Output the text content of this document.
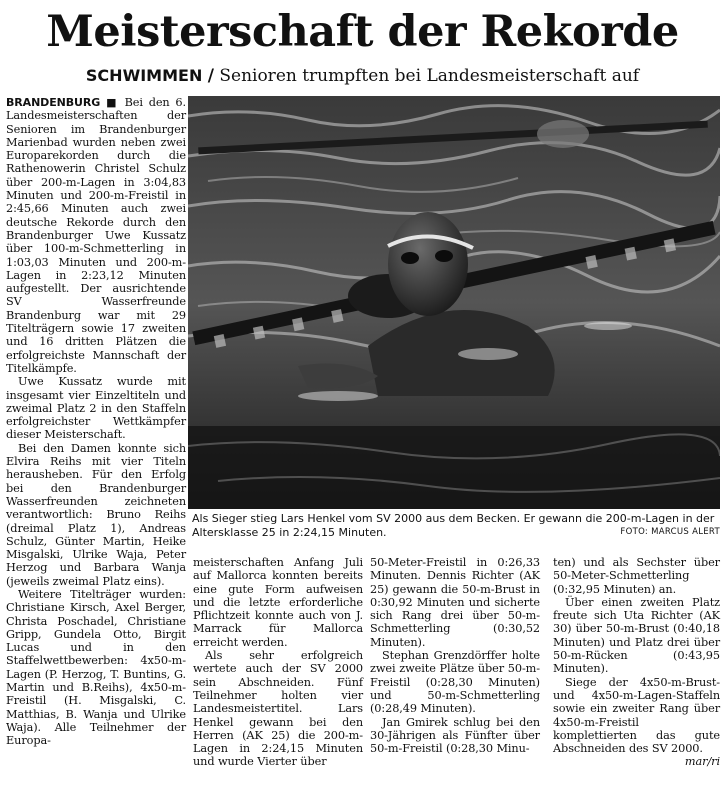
Meisterschaft der Rekorde
SCHWIMMEN / Senioren trumpften bei Landesmeisterschaft auf

BRANDENBURG ■ Bei den 6. Landesmeisterschaften der Senioren im Brandenburger Marienbad wurden neben zwei Europarekorden durch die Rathenowerin Christel Schulz über 200-m-Lagen in 3:04,83 Minuten und 200-m-Freistil in 2:45,66 Minuten auch zwei deutsche Rekorde durch den Brandenburger Uwe Kussatz über 100-m-Schmetterling in 1:03,03 Minuten und 200-m-Lagen in 2:23,12 Minuten aufgestellt. Der ausrichtende SV Wasserfreunde Brandenburg war mit 29 Titelträgern sowie 17 zweiten und 16 dritten Plätzen die erfolgreichste Mannschaft der Titelkämpfe.

Uwe Kussatz wurde mit insgesamt vier Einzeltiteln und zweimal Platz 2 in den Staffeln erfolgreichster Wettkämpfer dieser Meisterschaft.

Bei den Damen konnte sich Elvira Reihs mit vier Titeln herausheben. Für den Erfolg bei den Brandenburger Wasserfreunden zeichneten verantwortlich: Bruno Reihs (dreimal Platz 1), Andreas Schulz, Günter Martin, Heike Misgalski, Ulrike Waja, Peter Herzog und Barbara Wanja (jeweils zweimal Platz eins).

Weitere Titelträger wurden: Christiane Kirsch, Axel Berger, Christa Poschadel, Christiane Gripp, Gundela Otto, Birgit Lucas und in den Staffelwettbewerben: 4x50-m-Lagen (P. Herzog, T. Buntins, G. Martin und B.Reihs), 4x50-m-Freistil (H. Misgalski, C. Matthias, B. Wanja und Ulrike Waja). Alle Teilnehmer der Europa-

Als Sieger stieg Lars Henkel vom SV 2000 aus dem Becken. Er gewann die 200-m-Lagen in der Altersklasse 25 in 2:24,15 Minuten.	FOTO: MARCUS ALERT

meisterschaften Anfang Juli auf Mallorca konnten bereits eine gute Form aufweisen und die letzte erforderliche Pflichtzeit konnte auch von J. Marrack für Mallorca erreicht werden.

Als sehr erfolgreich wertete auch der SV 2000 sein Abschneiden. Fünf Teilnehmer holten vier Landesmeistertitel. Lars Henkel gewann bei den Herren (AK 25) die 200-m-Lagen in 2:24,15 Minuten und wurde Vierter über

50-Meter-Freistil in 0:26,33 Minuten. Dennis Richter (AK 25) gewann die 50-m-Brust in 0:30,92 Minuten und sicherte sich Rang drei über 50-m-Schmetterling (0:30,52 Minuten).

Stephan Grenzdörffer holte zwei zweite Plätze über 50-m-Freistil (0:28,30 Minuten) und 50-m-Schmetterling (0:28,49 Minuten).

Jan Gmirek schlug bei den 30-Jährigen als Fünfter über 50-m-Freistil (0:28,30 Minu-

ten) und als Sechster über 50-Meter-Schmetterling (0:32,95 Minuten) an.

Über einen zweiten Platz freute sich Uta Richter (AK 30) über 50-m-Brust (0:40,18 Minuten) und Platz drei über 50-m-Rücken (0:43,95 Minuten).

Siege der 4x50-m-Brust- und 4x50-m-Lagen-Staffeln sowie ein zweiter Rang über 4x50-m-Freistil komplettierten das gute Abschneiden des SV 2000.
mar/ri
